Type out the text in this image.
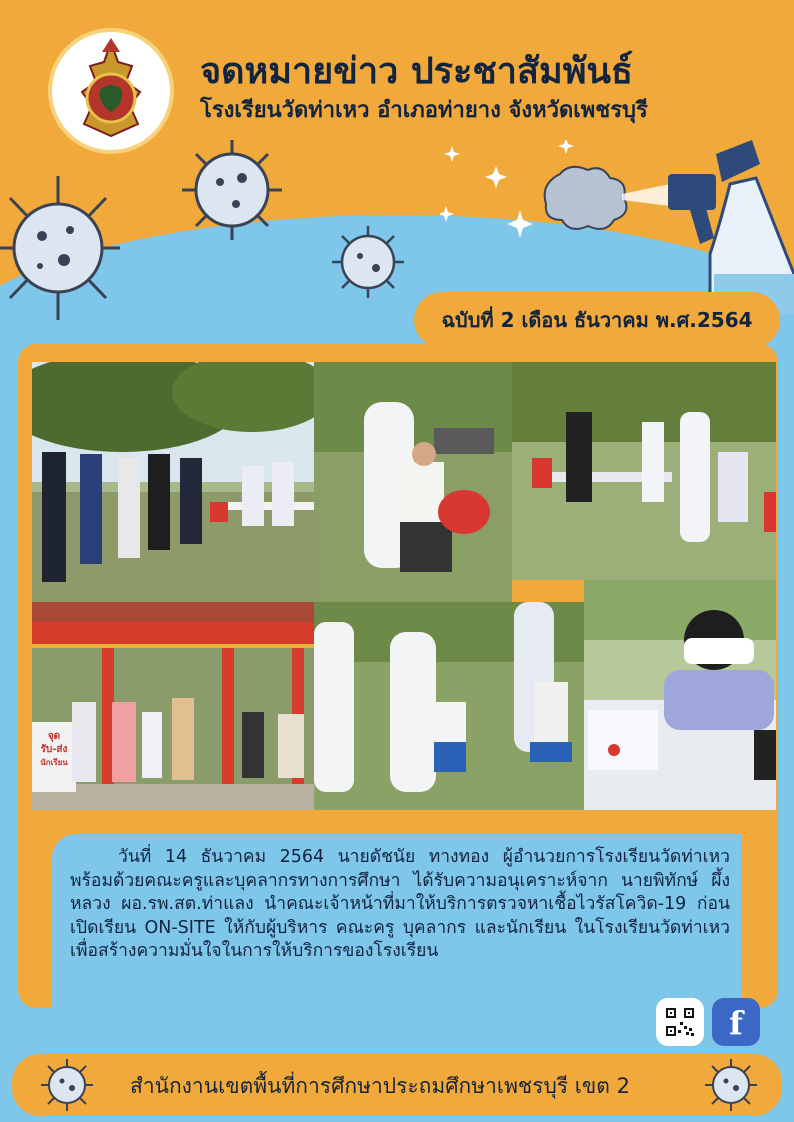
จดหมายข่าว ประชาสัมพันธ์
โรงเรียนวัดท่าเหว อำเภอท่ายาง จังหวัดเพชรบุรี
ฉบับที่ 2 เดือน ธันวาคม พ.ศ.2564
จุด
รับ-ส่ง
นักเรียน
วันที่ 14 ธันวาคม 2564 นายดัชนัย ทางทอง ผู้อำนวยการโรงเรียนวัดท่าเหว พร้อมด้วยคณะครูและบุคลากรทางการศึกษา ได้รับความอนุเคราะห์จาก นายพิทักษ์ ผึ้งหลวง ผอ.รพ.สต.ท่าแลง นำคณะเจ้าหน้าที่มาให้บริการตรวจหาเชื้อไวรัสโควิด-19 ก่อนเปิดเรียน ON-SITE ให้กับผู้บริหาร คณะครู บุคลากร และนักเรียน ในโรงเรียนวัดท่าเหว เพื่อสร้างความมั่นใจในการให้บริการของโรงเรียน
f
สำนักงานเขตพื้นที่การศึกษาประถมศึกษาเพชรบุรี เขต 2
